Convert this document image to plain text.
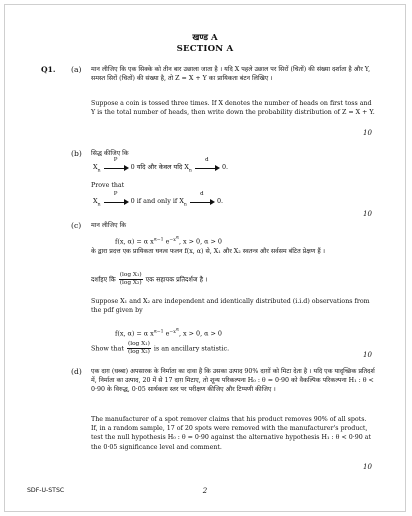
खण्ड A
SECTION A
Q1. (a) मान लीजिए कि एक सिक्के को तीन बार उछाला जाता है । यदि X पहले उछाल पर सिरों (चितों) की संख्या दर्शाता है और Y, समस्त सिरों (चितों) की संख्या है, तो Z = X + Y का प्रायिकता बंटन लिखिए ।

Suppose a coin is tossed three times. If X denotes the number of heads on first toss and Y is the total number of heads, then write down the probability distribution of Z = X + Y.

10
(b) सिद्ध कीजिए कि

$X_n$
P
0 यदि और केवल यदि $X_n$
d
0.

Prove that

$X_n$
P
0 if and only if $X_n$
d
0.
10
(c) मान लीजिए कि

f(x, α) = α $x^{\alpha-1}$ $e^{-x^\alpha}$, x > 0, α > 0

के द्वारा प्रदत्त एक प्रायिकता घनत्व फलन f(x, α) से, X₁ और X₂ स्वतन्त्र और सर्वसम बंटित प्रेक्षण हैं ।

दर्शाइए कि $\frac{\text{(log X₁)}}{\text{(log X₂)}}$ एक सहायक प्रतिदर्शज है ।

Suppose X₁ and X₂ are independent and identically distributed (i.i.d) observations from the pdf given by

f(x, α) = α $x^{\alpha-1}$ $e^{-x^\alpha}$, x > 0, α > 0
Show that $\frac{\text{(log X₁)}}{\text{(log X₂)}}$ is an ancillary statistic.
10
(d) एक दाग़ (धब्बा) अपसारक के निर्माता का दावा है कि उसका उत्पाद 90% दाग़ों को मिटा देता है । यदि एक यादृच्छिक प्रतिदर्श में, निर्माता का उत्पाद, 20 में से 17 दाग़ मिटाए, तो शून्य परिकल्पना H₀ : θ = 0·90 को वैकल्पिक परिकल्पना H₁ : θ < 0·90 के विरुद्ध, 0·05 सार्थकता स्तर पर परीक्षण कीजिए और टिप्पणी कीजिए ।

The manufacturer of a spot remover claims that his product removes 90% of all spots. If, in a random sample, 17 of 20 spots were removed with the manufacturer's product, test the null hypothesis H₀ : θ = 0·90 against the alternative hypothesis H₁ : θ < 0·90 at the 0·05 significance level and comment.

10
SDF-U-STSC	2
